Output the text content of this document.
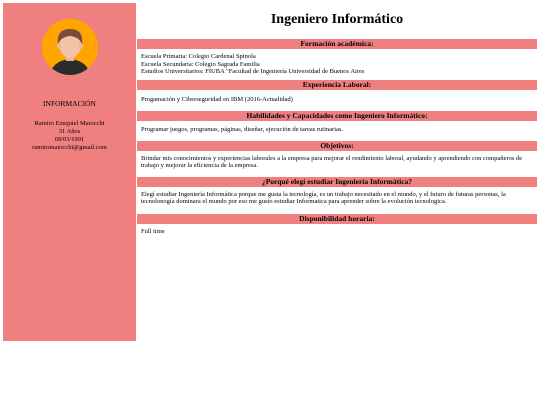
INFORMACIÓN
Ramiro Ezequiel Maiocchi
31 Años
09/03/1991
ramiromaiocchi@gmail.com
Ingeniero Informático
Formación académica:
Escuela Primaria: Colegio Cardenal Spinola
Escuela Secundaria: Colegio Sagrada Familia
Estudios Universitarios: FIUBA "Facultad de Ingeniería Universidad de Buenos Aires
Experiencia Laboral:
Progamación y Ciberseguridad en IBM (2016-Actualidad)
Habilidades y Capacidades como Ingeniero Informático:
Programar juegos, programas, páginas, diseñar, ejecución de tareas rutinarias.
Objetivos:
Brindar mis conocimientos y experiencias laborales a la empresa para mejorar el rendimiento laboral, ayudando y aprendiendo con compañeros de trabajo y mejorar la eficiencia de la empresa.
¿Porqué elegí estudiar Ingeniería Informática?
Elegí estudiar Ingeniería Informática porque me gusta la tecnología, es un trabajo necesitado en el mundo, y el futuro de futuras personas, la tecnolonogía dominara el mundo por eso me gusto estudiar Informatica para aprender sobre la evolución tecnologica.
Disponibilidad horaria:
Full time
